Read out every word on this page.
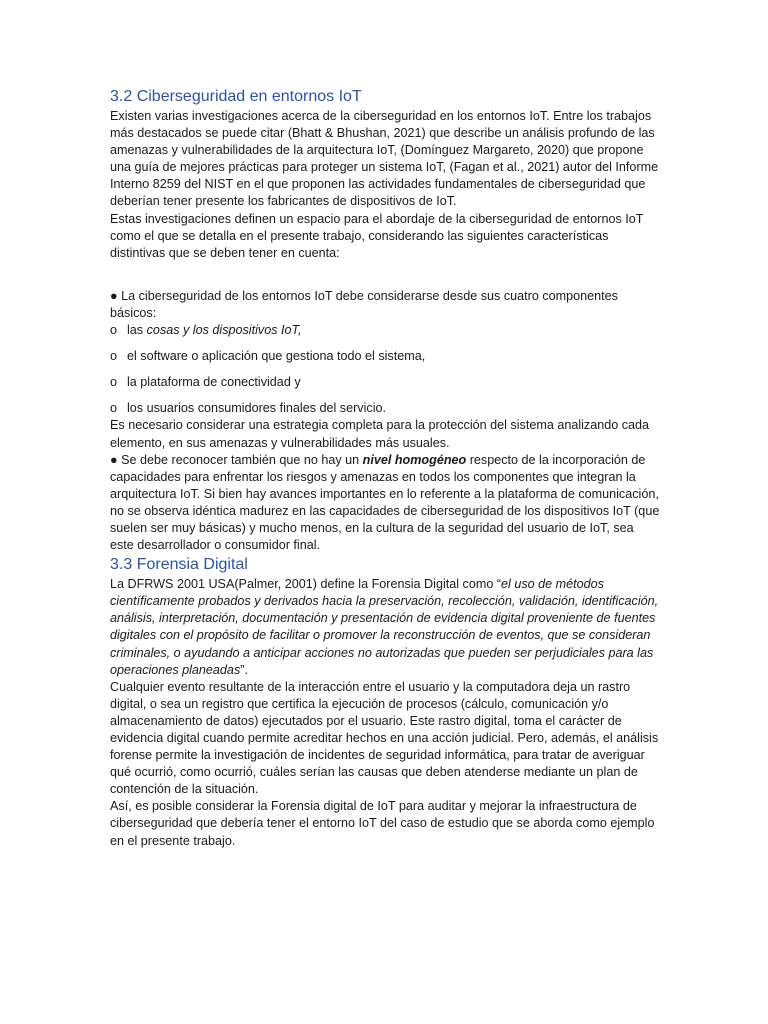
3.2 Ciberseguridad en entornos IoT

Existen varias investigaciones acerca de la ciberseguridad en los entornos IoT. Entre los trabajos más destacados se puede citar (Bhatt & Bhushan, 2021) que describe un análisis profundo de las amenazas y vulnerabilidades de la arquitectura IoT, (Domínguez Margareto, 2020) que propone una guía de mejores prácticas para proteger un sistema IoT, (Fagan et al., 2021) autor del Informe Interno 8259 del NIST en el que proponen las actividades fundamentales de ciberseguridad que deberían tener presente los fabricantes de dispositivos de IoT.

Estas investigaciones definen un espacio para el abordaje de la ciberseguridad de entornos IoT como el que se detalla en el presente trabajo, considerando las siguientes características distintivas que se deben tener en cuenta:

● La ciberseguridad de los entornos IoT debe considerarse desde sus cuatro componentes básicos:

o las cosas y los dispositivos IoT,

o el software o aplicación que gestiona todo el sistema,

o la plataforma de conectividad y

o los usuarios consumidores finales del servicio.

Es necesario considerar una estrategia completa para la protección del sistema analizando cada elemento, en sus amenazas y vulnerabilidades más usuales.

● Se debe reconocer también que no hay un nivel homogéneo respecto de la incorporación de capacidades para enfrentar los riesgos y amenazas en todos los componentes que integran la arquitectura IoT. Si bien hay avances importantes en lo referente a la plataforma de comunicación, no se observa idéntica madurez en las capacidades de ciberseguridad de los dispositivos IoT (que suelen ser muy básicas) y mucho menos, en la cultura de la seguridad del usuario de IoT, sea este desarrollador o consumidor final.

3.3 Forensia Digital

La DFRWS 2001 USA(Palmer, 2001) define la Forensia Digital como “el uso de métodos científicamente probados y derivados hacia la preservación, recolección, validación, identificación, análisis, interpretación, documentación y presentación de evidencia digital proveniente de fuentes digitales con el propósito de facilitar o promover la reconstrucción de eventos, que se consideran criminales, o ayudando a anticipar acciones no autorizadas que pueden ser perjudiciales para las operaciones planeadas”.

Cualquier evento resultante de la interacción entre el usuario y la computadora deja un rastro digital, o sea un registro que certifica la ejecución de procesos (cálculo, comunicación y/o almacenamiento de datos) ejecutados por el usuario. Este rastro digital, toma el carácter de evidencia digital cuando permite acreditar hechos en una acción judicial. Pero, además, el análisis forense permite la investigación de incidentes de seguridad informática, para tratar de averiguar qué ocurrió, como ocurrió, cuáles serían las causas que deben atenderse mediante un plan de contención de la situación.

Así, es posible considerar la Forensia digital de IoT para auditar y mejorar la infraestructura de ciberseguridad que debería tener el entorno IoT del caso de estudio que se aborda como ejemplo en el presente trabajo.
